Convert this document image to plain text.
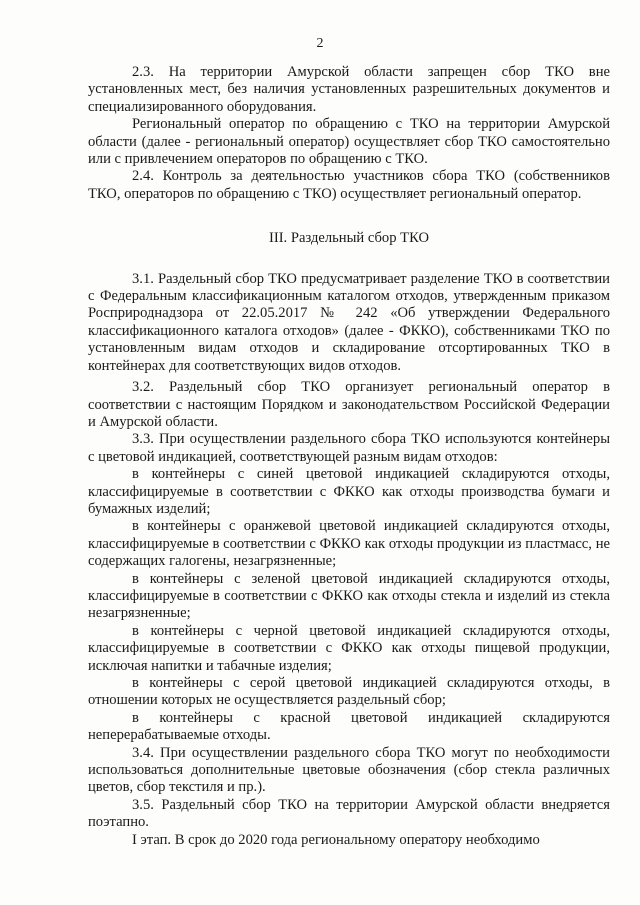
2

2.3. На территории Амурской области запрещен сбор ТКО вне установленных мест, без наличия установленных разрешительных документов и специализированного оборудования.

Региональный оператор по обращению с ТКО на территории Амурской области (далее - региональный оператор) осуществляет сбор ТКО самостоятельно или с привлечением операторов по обращению с ТКО.

2.4. Контроль за деятельностью участников сбора ТКО (собственников ТКО, операторов по обращению с ТКО) осуществляет региональный оператор.

III. Раздельный сбор ТКО

3.1. Раздельный сбор ТКО предусматривает разделение ТКО в соответствии с Федеральным классификационным каталогом отходов, утвержденным приказом Росприроднадзора от 22.05.2017 № 242 «Об утверждении Федерального классификационного каталога отходов» (далее - ФККО), собственниками ТКО по установленным видам отходов и складирование отсортированных ТКО в контейнерах для соответствующих видов отходов.

3.2. Раздельный сбор ТКО организует региональный оператор в соответствии с настоящим Порядком и законодательством Российской Федерации и Амурской области.

3.3. При осуществлении раздельного сбора ТКО используются контейнеры с цветовой индикацией, соответствующей разным видам отходов:

в контейнеры с синей цветовой индикацией складируются отходы, классифицируемые в соответствии с ФККО как отходы производства бумаги и бумажных изделий;

в контейнеры с оранжевой цветовой индикацией складируются отходы, классифицируемые в соответствии с ФККО как отходы продукции из пластмасс, не содержащих галогены, незагрязненные;

в контейнеры с зеленой цветовой индикацией складируются отходы, классифицируемые в соответствии с ФККО как отходы стекла и изделий из стекла незагрязненные;

в контейнеры с черной цветовой индикацией складируются отходы, классифицируемые в соответствии с ФККО как отходы пищевой продукции, исключая напитки и табачные изделия;

в контейнеры с серой цветовой индикацией складируются отходы, в отношении которых не осуществляется раздельный сбор;

в контейнеры с красной цветовой индикацией складируются неперерабатываемые отходы.

3.4. При осуществлении раздельного сбора ТКО могут по необходимости использоваться дополнительные цветовые обозначения (сбор стекла различных цветов, сбор текстиля и пр.).

3.5. Раздельный сбор ТКО на территории Амурской области внедряется поэтапно.

I этап. В срок до 2020 года региональному оператору необходимо
